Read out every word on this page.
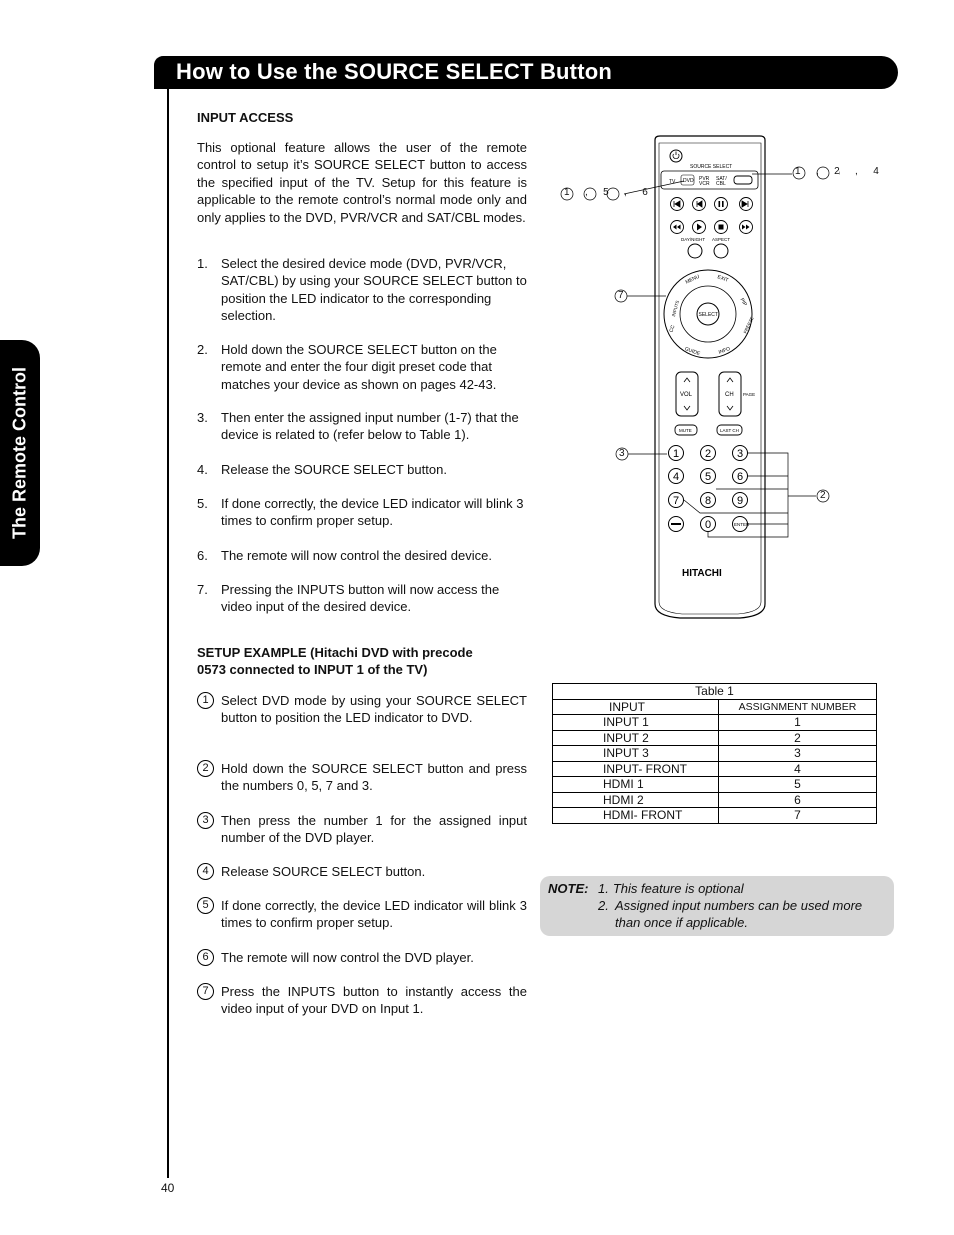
How to Use the SOURCE SELECT Button
The Remote Control
INPUT ACCESS
This optional feature allows the user of the remote control to setup it’s SOURCE SELECT button to access the specified input of the TV. Setup for this feature is applicable to the remote control’s normal mode only and only applies to the DVD, PVR/VCR and SAT/CBL modes.
1.	Select the desired device mode (DVD, PVR/VCR, SAT/CBL) by using your SOURCE SELECT button to position the LED indicator to the corresponding selection.
2.	Hold down the SOURCE SELECT button on the remote and enter the four digit preset code that matches your device as shown on pages 42-43.
3.	Then enter the assigned input number (1-7) that the device is related to (refer below to Table 1).
4.	Release the SOURCE SELECT button.
5.	If done correctly, the device LED indicator will blink 3 times to confirm proper setup.
6.	The remote will now control the desired device.
7.	Pressing the INPUTS button will now access the video input of the desired device.
SETUP EXAMPLE (Hitachi DVD with precode
0573 connected to INPUT 1 of the TV)
1 Select DVD mode by using your SOURCE SELECT button to position the LED indicator to DVD.
2 Hold down the SOURCE SELECT button and press the numbers 0, 5, 7 and 3.
3 Then press the number 1 for the assigned input number of the DVD player.
4 Release SOURCE SELECT button.
5 If done correctly, the device LED indicator will blink 3 times to confirm proper setup.
6 The remote will now control the DVD player.
7 Press the INPUTS button to instantly access the video input of your DVD on Input 1.
40
Table 1	
INPUT	ASSIGNMENT NUMBER
INPUT 1	1
INPUT 2	2
INPUT 3	3
INPUT- FRONT	4
HDMI 1	5
HDMI 2	6
HDMI- FRONT	7
NOTE: 1. This feature is optional
2. Assigned input numbers can be used more than once if applicable.
SOURCE SELECT
TV DVD PVR
VCR
SAT/
CBL
DAY/NIGHT ASPECT
SELECT
MENU	EXIT
INPUTS	PIP
CC	FREEZE
GUIDE	INFO
VOL	CH PAGE
MUTE	LAST CH
1 2 3
4 5 6
7 8 9
0	ENTER
HITACHI
1 , 2 , 4
1 , 5 , 6
7
3
2
